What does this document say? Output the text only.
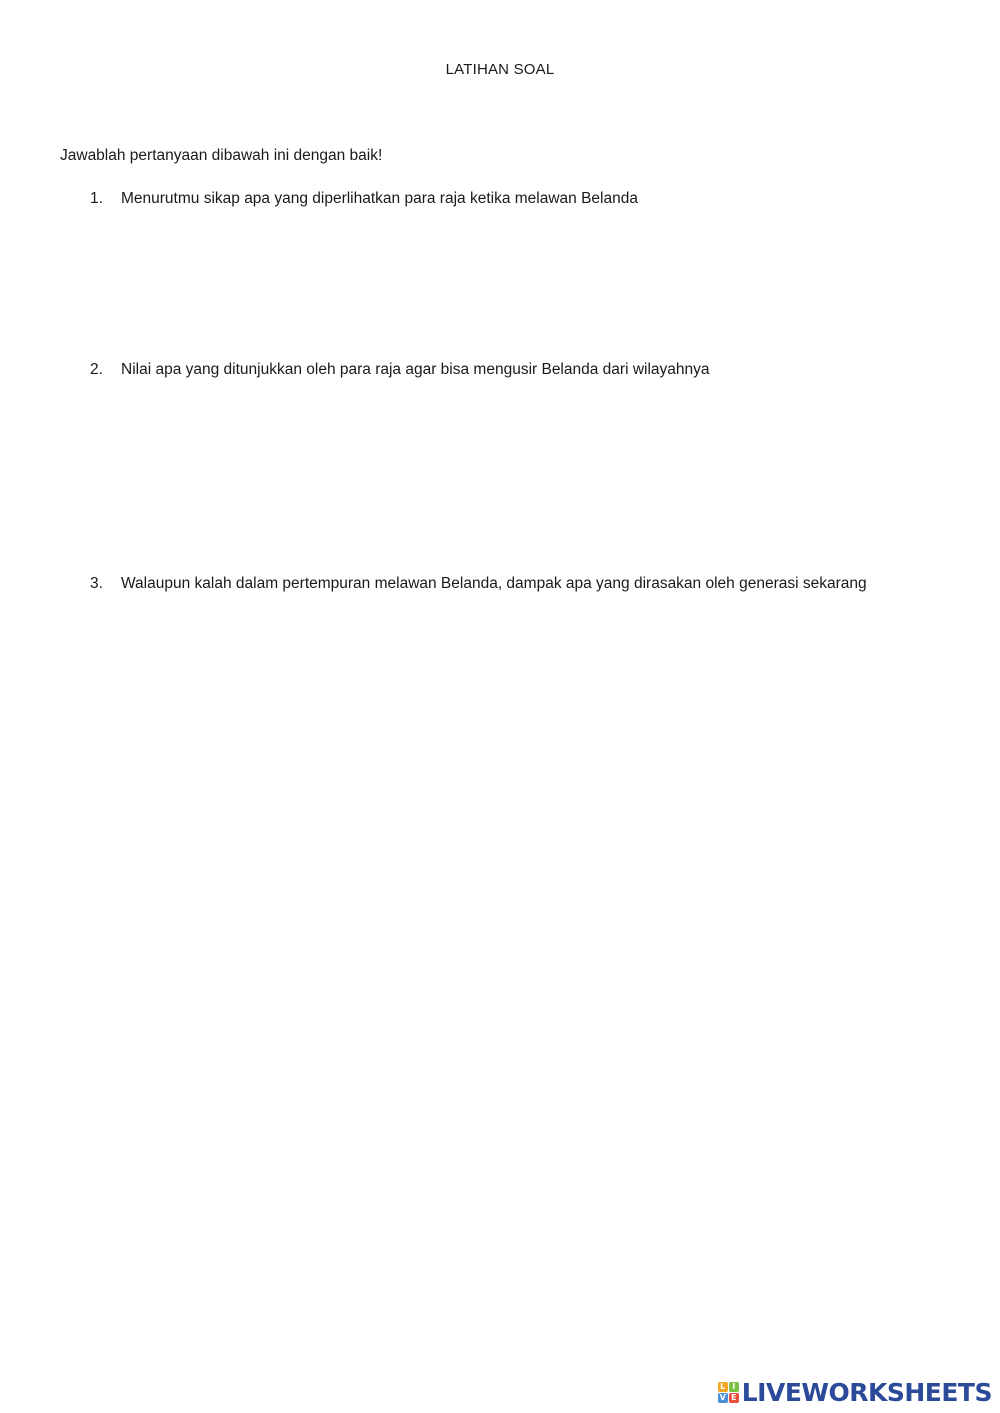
LATIHAN SOAL
Jawablah pertanyaan dibawah ini dengan baik!
1. Menurutmu sikap apa yang diperlihatkan para raja ketika melawan Belanda
2. Nilai apa yang ditunjukkan oleh para raja agar bisa mengusir Belanda dari wilayahnya
3. Walaupun kalah dalam pertempuran melawan Belanda, dampak apa yang dirasakan oleh generasi sekarang
L I
V E LIVEWORKSHEETS
